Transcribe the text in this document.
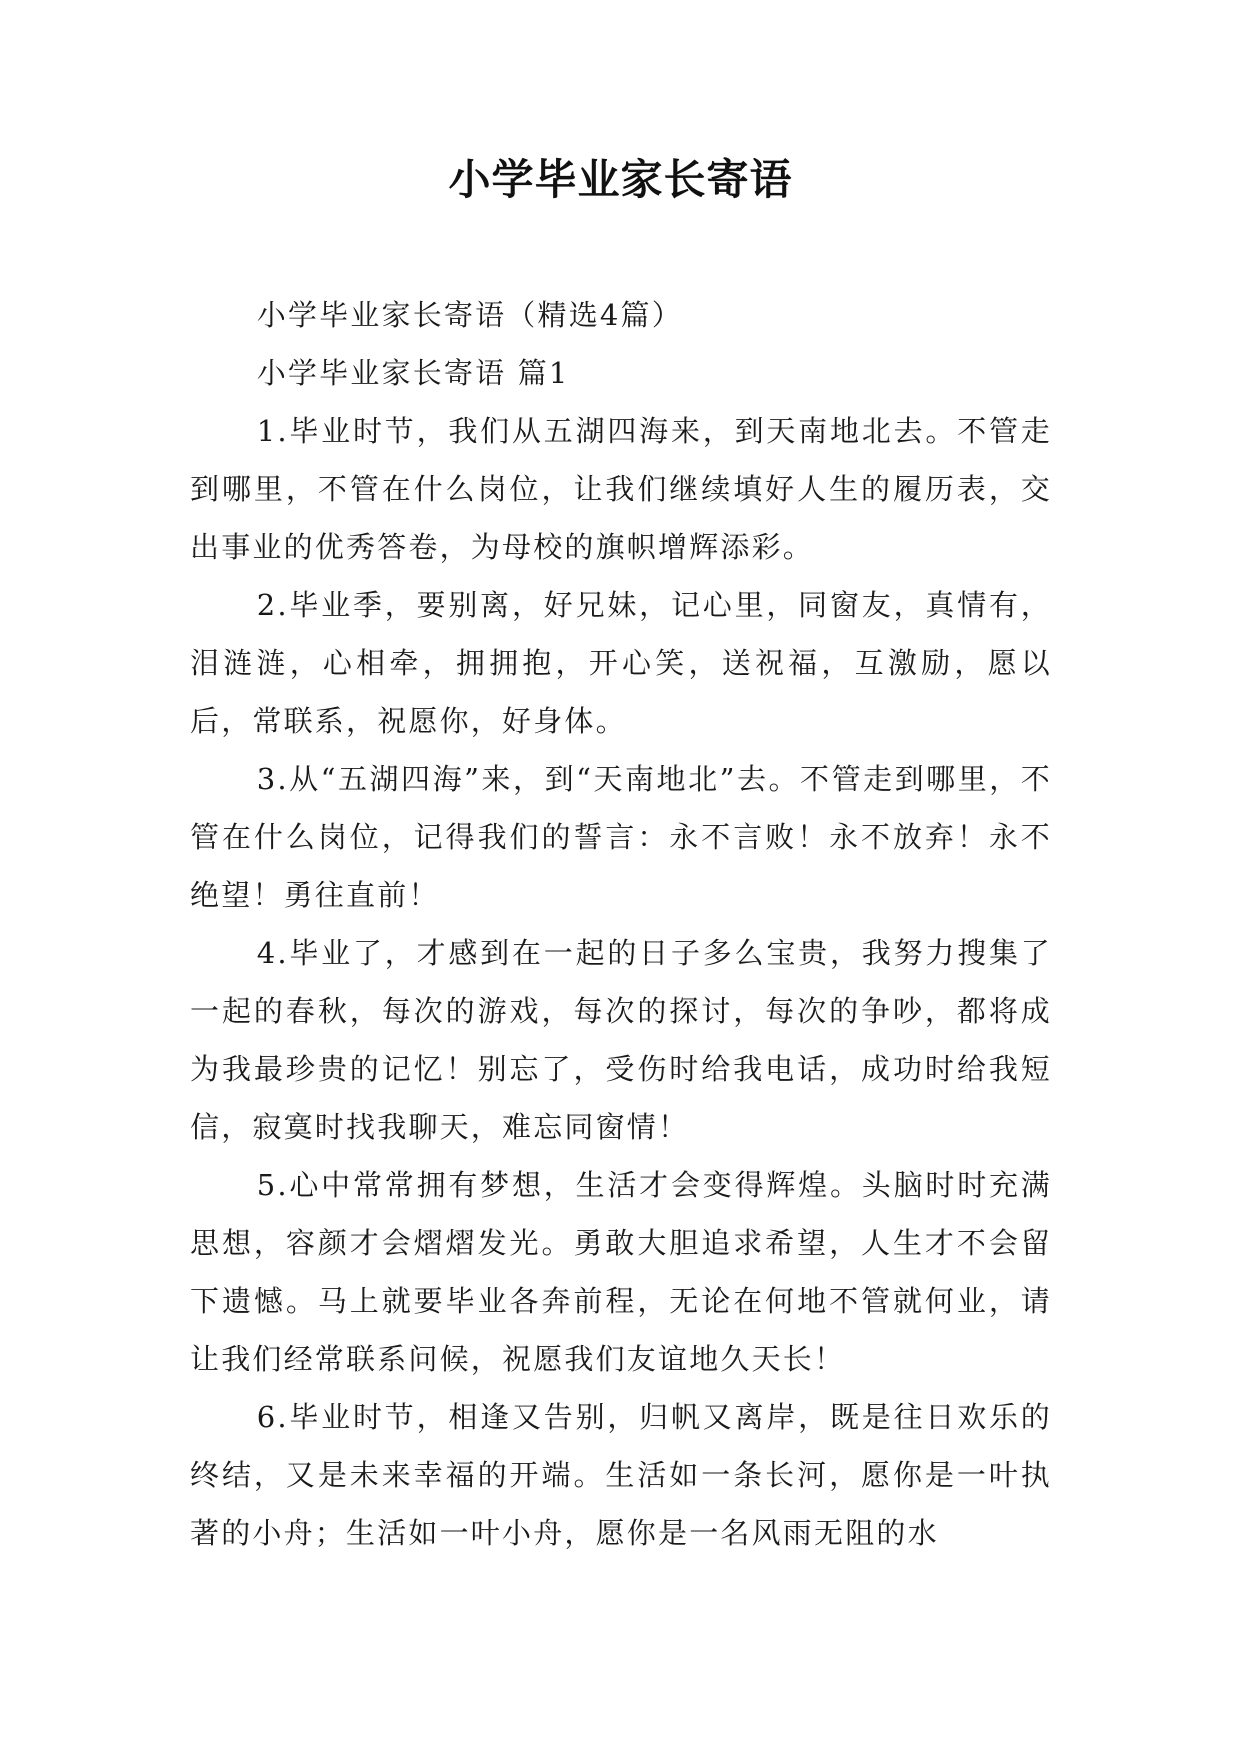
小学毕业家长寄语

小学毕业家长寄语（精选4篇）

小学毕业家长寄语 篇1

1.毕业时节，我们从五湖四海来，到天南地北去。不管走到哪里，不管在什么岗位，让我们继续填好人生的履历表，交出事业的优秀答卷，为母校的旗帜增辉添彩。

2.毕业季，要别离，好兄妹，记心里，同窗友，真情有，泪涟涟，心相牵，拥拥抱，开心笑，送祝福，互激励，愿以后，常联系，祝愿你，好身体。

3.从“五湖四海”来，到“天南地北”去。不管走到哪里，不管在什么岗位，记得我们的誓言：永不言败！永不放弃！永不绝望！勇往直前！

4.毕业了，才感到在一起的日子多么宝贵，我努力搜集了一起的春秋，每次的游戏，每次的探讨，每次的争吵，都将成为我最珍贵的记忆！别忘了，受伤时给我电话，成功时给我短信，寂寞时找我聊天，难忘同窗情！

5.心中常常拥有梦想，生活才会变得辉煌。头脑时时充满思想，容颜才会熠熠发光。勇敢大胆追求希望，人生才不会留下遗憾。马上就要毕业各奔前程，无论在何地不管就何业，请让我们经常联系问候，祝愿我们友谊地久天长！

6.毕业时节，相逢又告别，归帆又离岸，既是往日欢乐的终结，又是未来幸福的开端。生活如一条长河，愿你是一叶执著的小舟；生活如一叶小舟，愿你是一名风雨无阻的水
